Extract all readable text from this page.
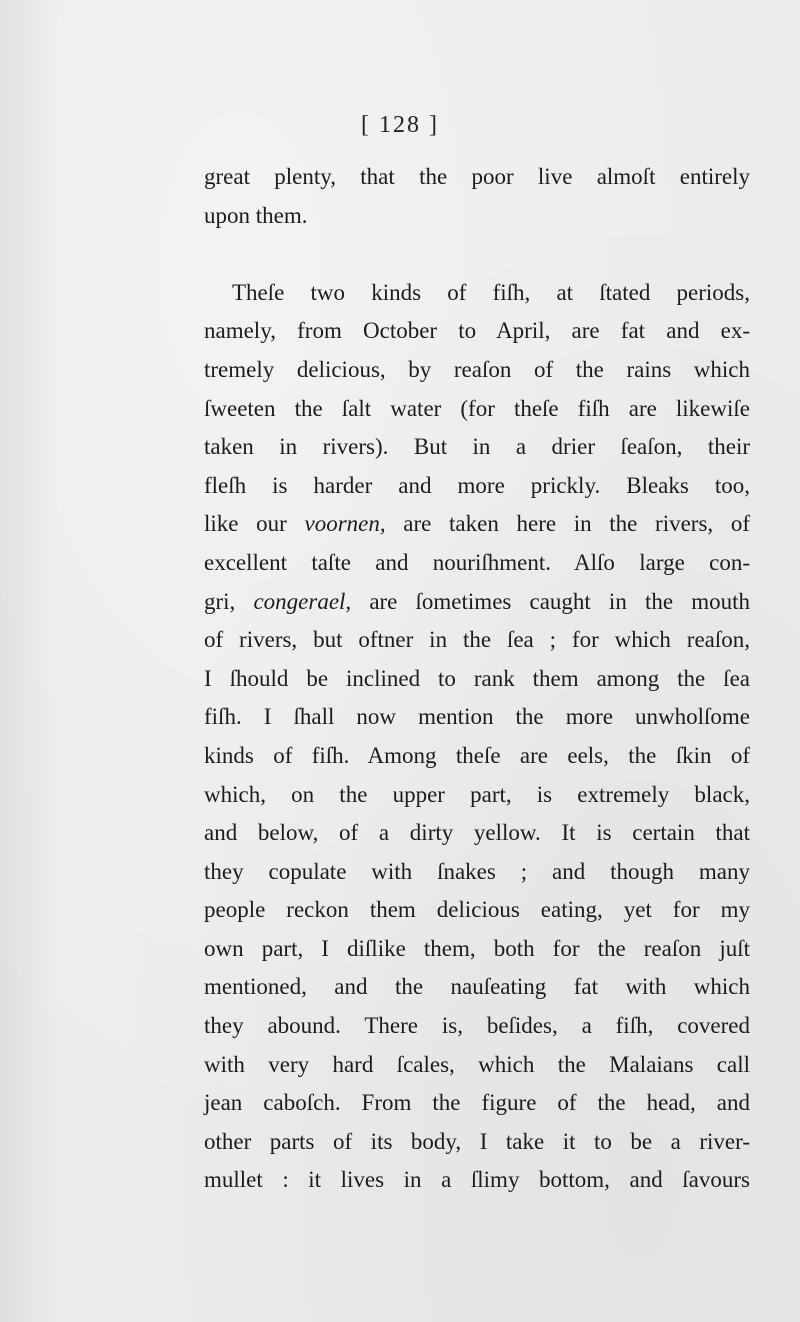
[ 128 ]
great plenty, that the poor live almoſt entirely
upon them.
Theſe two kinds of fiſh, at ſtated periods,
namely, from October to April, are fat and ex-
tremely delicious, by reaſon of the rains which
ſweeten the ſalt water (for theſe fiſh are likewiſe
taken in rivers). But in a drier ſeaſon, their
fleſh is harder and more prickly. Bleaks too,
like our voornen, are taken here in the rivers, of
excellent taſte and nouriſhment. Alſo large con-
gri, congerael, are ſometimes caught in the mouth
of rivers, but oftner in the ſea ; for which reaſon,
I ſhould be inclined to rank them among the ſea
fiſh. I ſhall now mention the more unwholſome
kinds of fiſh. Among theſe are eels, the ſkin of
which, on the upper part, is extremely black,
and below, of a dirty yellow. It is certain that
they copulate with ſnakes ; and though many
people reckon them delicious eating, yet for my
own part, I diſlike them, both for the reaſon juſt
mentioned, and the nauſeating fat with which
they abound. There is, beſides, a fiſh, covered
with very hard ſcales, which the Malaians call
jean caboſch. From the figure of the head, and
other parts of its body, I take it to be a river-
mullet : it lives in a ſlimy bottom, and ſavours
